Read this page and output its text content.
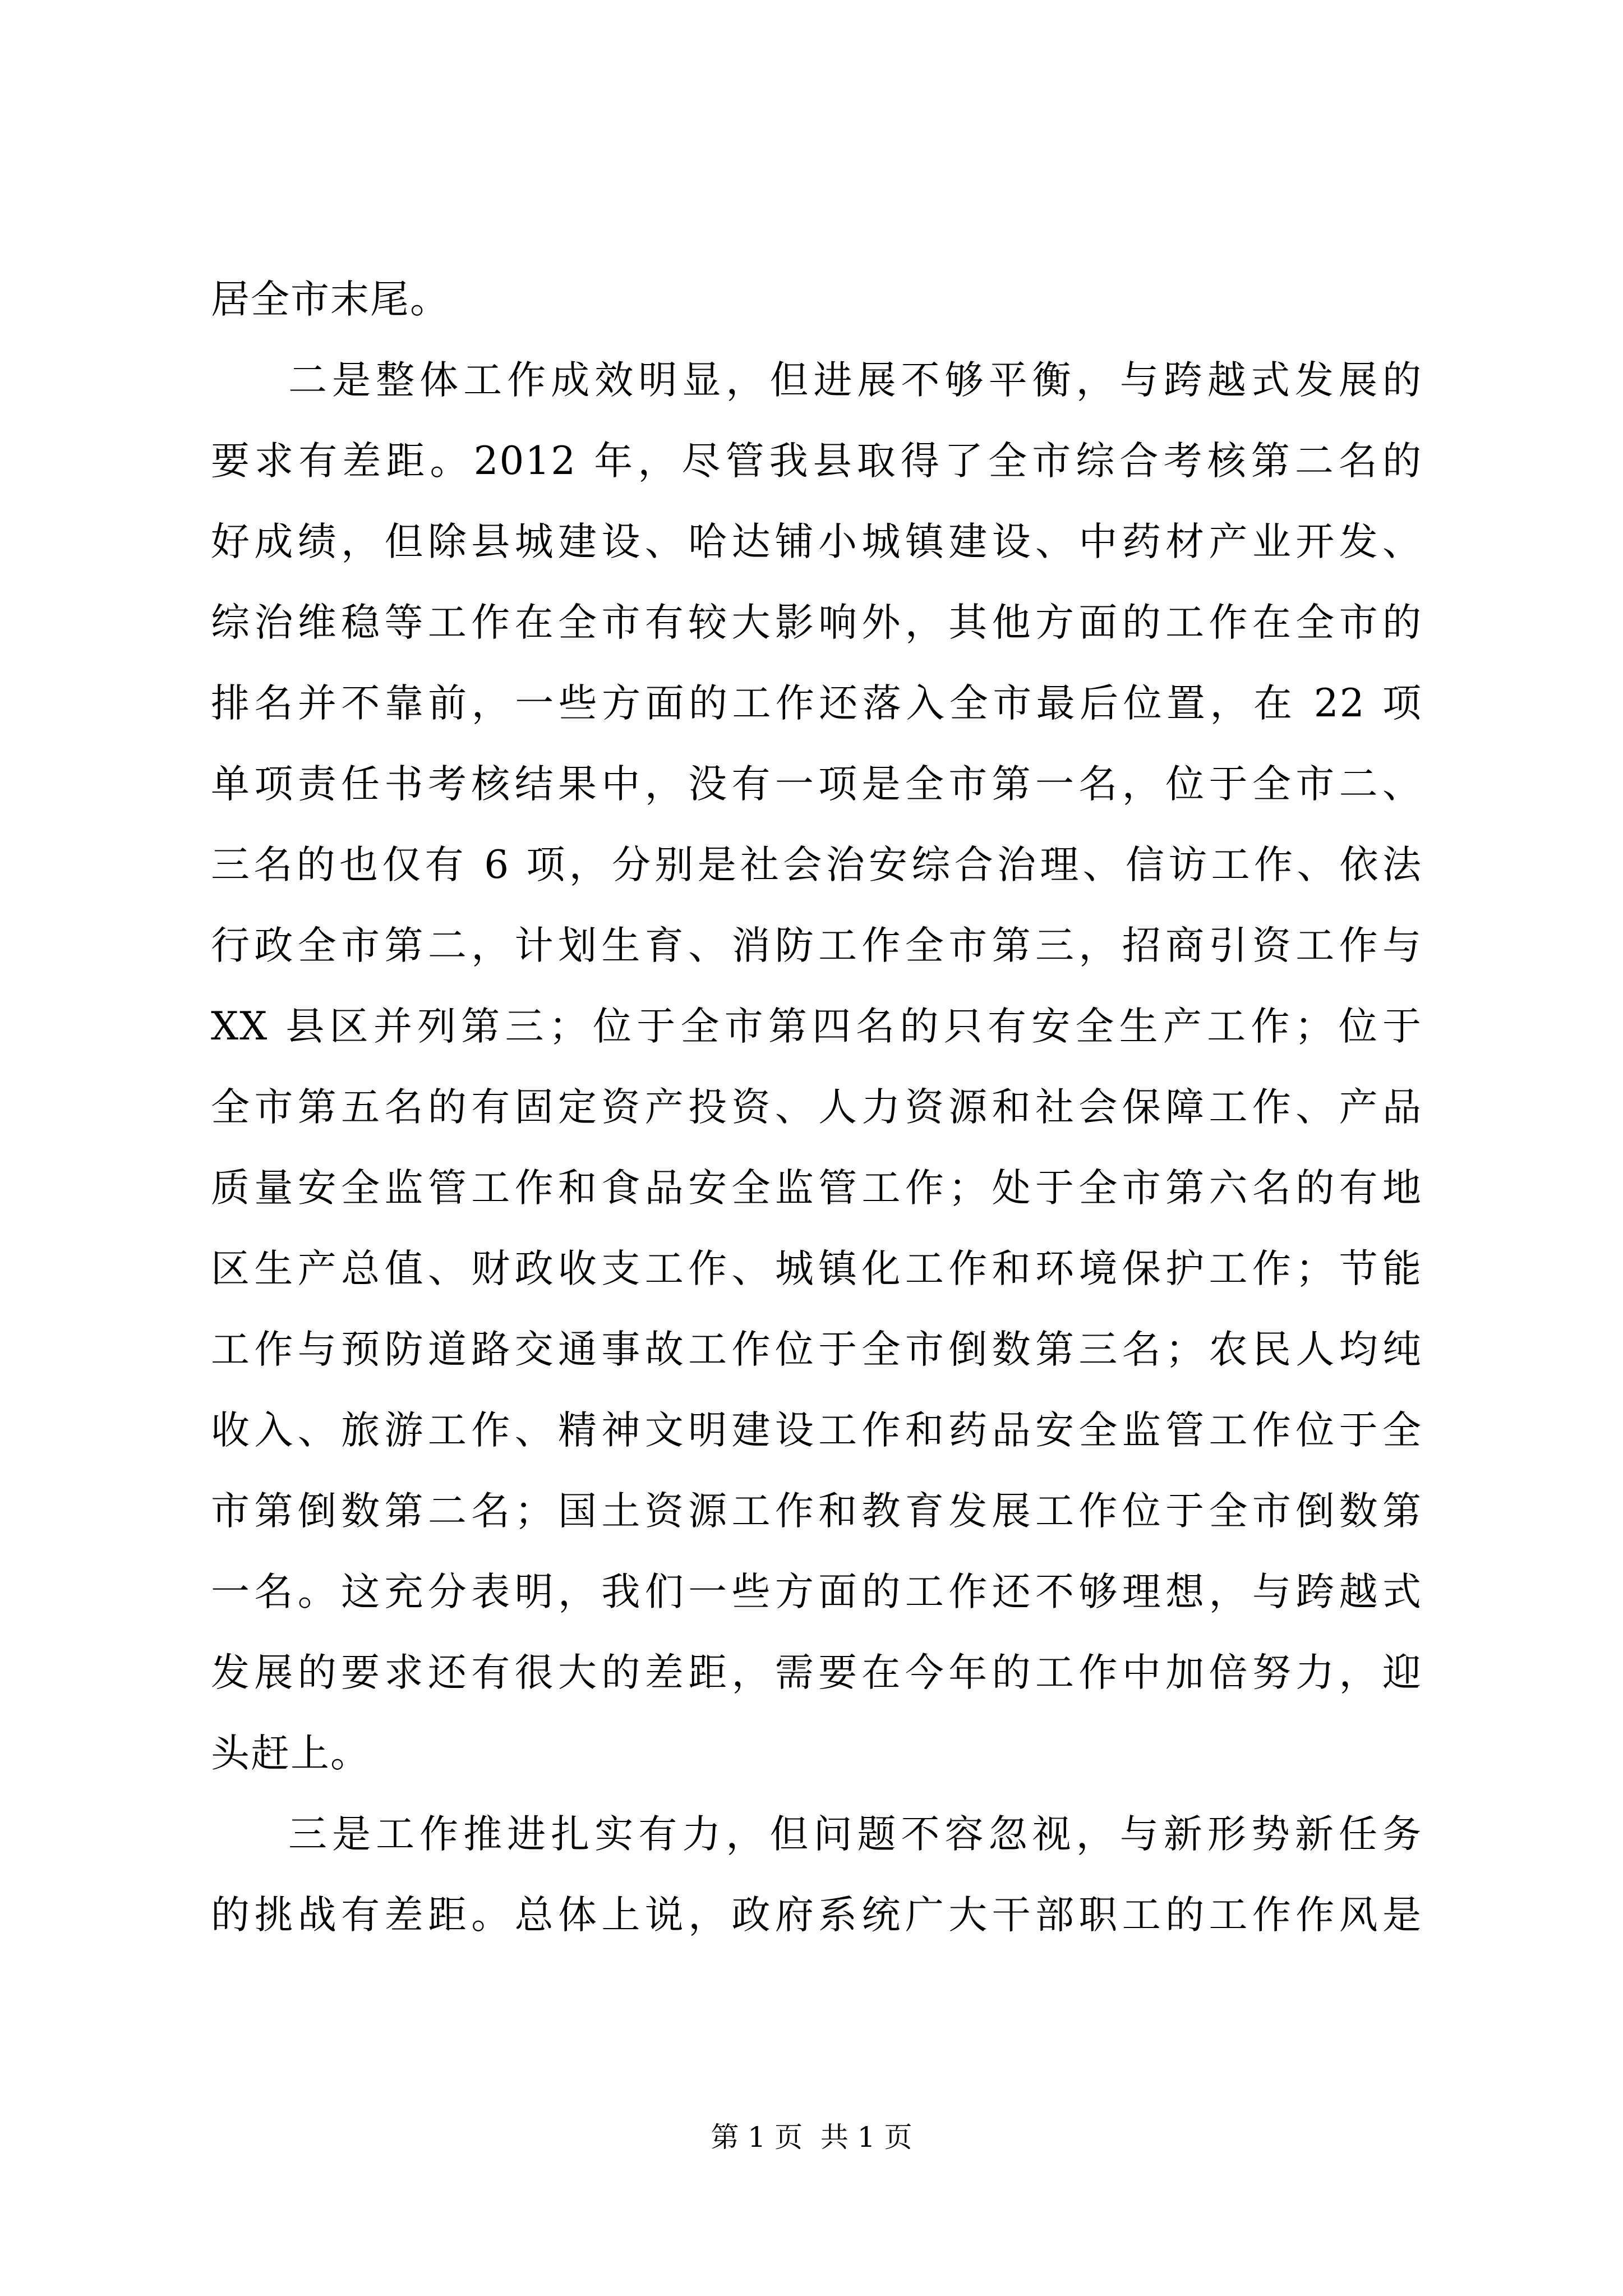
居全市末尾。
二是整体工作成效明显，但进展不够平衡，与跨越式发展的
要求有差距。2012 年，尽管我县取得了全市综合考核第二名的
好成绩，但除县城建设、哈达铺小城镇建设、中药材产业开发、
综治维稳等工作在全市有较大影响外，其他方面的工作在全市的
排名并不靠前，一些方面的工作还落入全市最后位置，在 22 项
单项责任书考核结果中，没有一项是全市第一名，位于全市二、
三名的也仅有 6 项，分别是社会治安综合治理、信访工作、依法
行政全市第二，计划生育、消防工作全市第三，招商引资工作与
XX 县区并列第三；位于全市第四名的只有安全生产工作；位于
全市第五名的有固定资产投资、人力资源和社会保障工作、产品
质量安全监管工作和食品安全监管工作；处于全市第六名的有地
区生产总值、财政收支工作、城镇化工作和环境保护工作；节能
工作与预防道路交通事故工作位于全市倒数第三名；农民人均纯
收入、旅游工作、精神文明建设工作和药品安全监管工作位于全
市第倒数第二名；国土资源工作和教育发展工作位于全市倒数第
一名。这充分表明，我们一些方面的工作还不够理想，与跨越式
发展的要求还有很大的差距，需要在今年的工作中加倍努力，迎
头赶上。
三是工作推进扎实有力，但问题不容忽视，与新形势新任务
的挑战有差距。总体上说，政府系统广大干部职工的工作作风是
第 1 页  共 1 页
